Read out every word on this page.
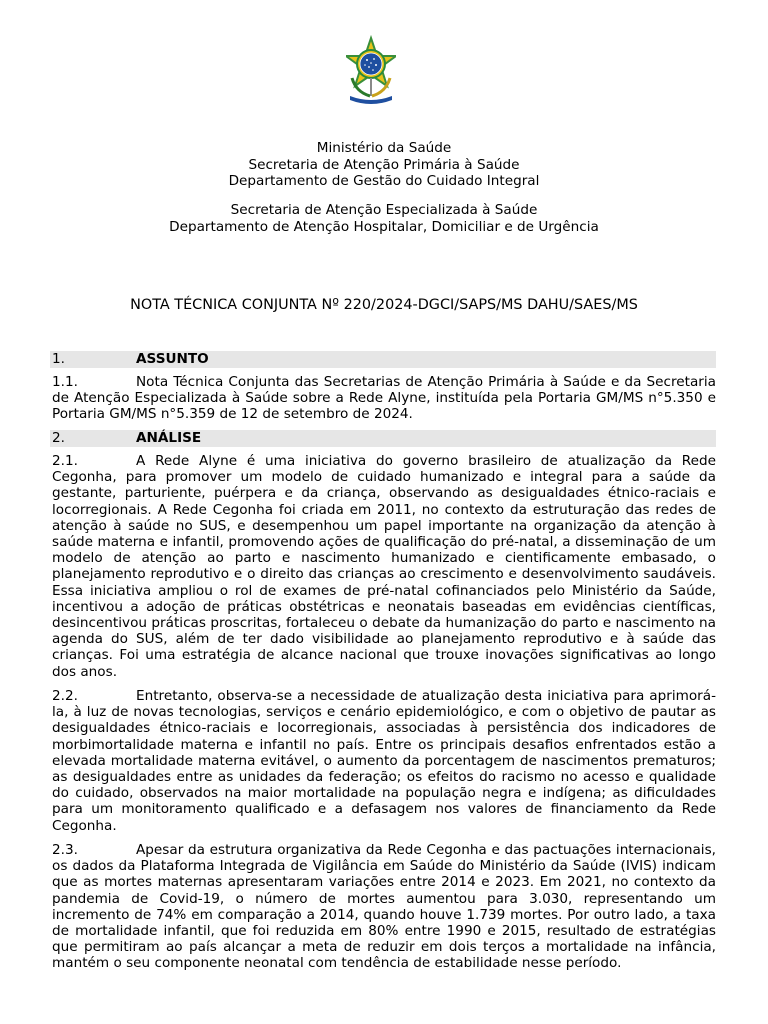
Ministério da Saúde
Secretaria de Atenção Primária à Saúde
Departamento de Gestão do Cuidado Integral
Secretaria de Atenção Especializada à Saúde
Departamento de Atenção Hospitalar, Domiciliar e de Urgência
NOTA TÉCNICA CONJUNTA Nº 220/2024-DGCI/SAPS/MS DAHU/SAES/MS
1.	ASSUNTO

1.1.	Nota Técnica Conjunta das Secretarias de Atenção Primária à Saúde e da Secretaria de Atenção Especializada à Saúde sobre a Rede Alyne, instituída pela Portaria GM/MS n°5.350 e Portaria GM/MS n°5.359 de 12 de setembro de 2024.

2.	ANÁLISE

2.1.	A Rede Alyne é uma iniciativa do governo brasileiro de atualização da Rede Cegonha, para promover um modelo de cuidado humanizado e integral para a saúde da gestante, parturiente, puérpera e da criança, observando as desigualdades étnico-raciais e locorregionais. A Rede Cegonha foi criada em 2011, no contexto da estruturação das redes de atenção à saúde no SUS, e desempenhou um papel importante na organização da atenção à saúde materna e infantil, promovendo ações de qualificação do pré-natal, a disseminação de um modelo de atenção ao parto e nascimento humanizado e cientificamente embasado, o planejamento reprodutivo e o direito das crianças ao crescimento e desenvolvimento saudáveis. Essa iniciativa ampliou o rol de exames de pré-natal cofinanciados pelo Ministério da Saúde, incentivou a adoção de práticas obstétricas e neonatais baseadas em evidências científicas, desincentivou práticas proscritas, fortaleceu o debate da humanização do parto e nascimento na agenda do SUS, além de ter dado visibilidade ao planejamento reprodutivo e à saúde das crianças. Foi uma estratégia de alcance nacional que trouxe inovações significativas ao longo dos anos.

2.2.	Entretanto, observa-se a necessidade de atualização desta iniciativa para aprimorá-la, à luz de novas tecnologias, serviços e cenário epidemiológico, e com o objetivo de pautar as desigualdades étnico-raciais e locorregionais, associadas à persistência dos indicadores de morbimortalidade materna e infantil no país. Entre os principais desafios enfrentados estão a elevada mortalidade materna evitável, o aumento da porcentagem de nascimentos prematuros; as desigualdades entre as unidades da federação; os efeitos do racismo no acesso e qualidade do cuidado, observados na maior mortalidade na população negra e indígena; as dificuldades para um monitoramento qualificado e a defasagem nos valores de financiamento da Rede Cegonha.

2.3.	Apesar da estrutura organizativa da Rede Cegonha e das pactuações internacionais, os dados da Plataforma Integrada de Vigilância em Saúde do Ministério da Saúde (IVIS) indicam que as mortes maternas apresentaram variações entre 2014 e 2023. Em 2021, no contexto da pandemia de Covid-19, o número de mortes aumentou para 3.030, representando um incremento de 74% em comparação a 2014, quando houve 1.739 mortes. Por outro lado, a taxa de mortalidade infantil, que foi reduzida em 80% entre 1990 e 2015, resultado de estratégias que permitiram ao país alcançar a meta de reduzir em dois terços a mortalidade na infância, mantém o seu componente neonatal com tendência de estabilidade nesse período.
